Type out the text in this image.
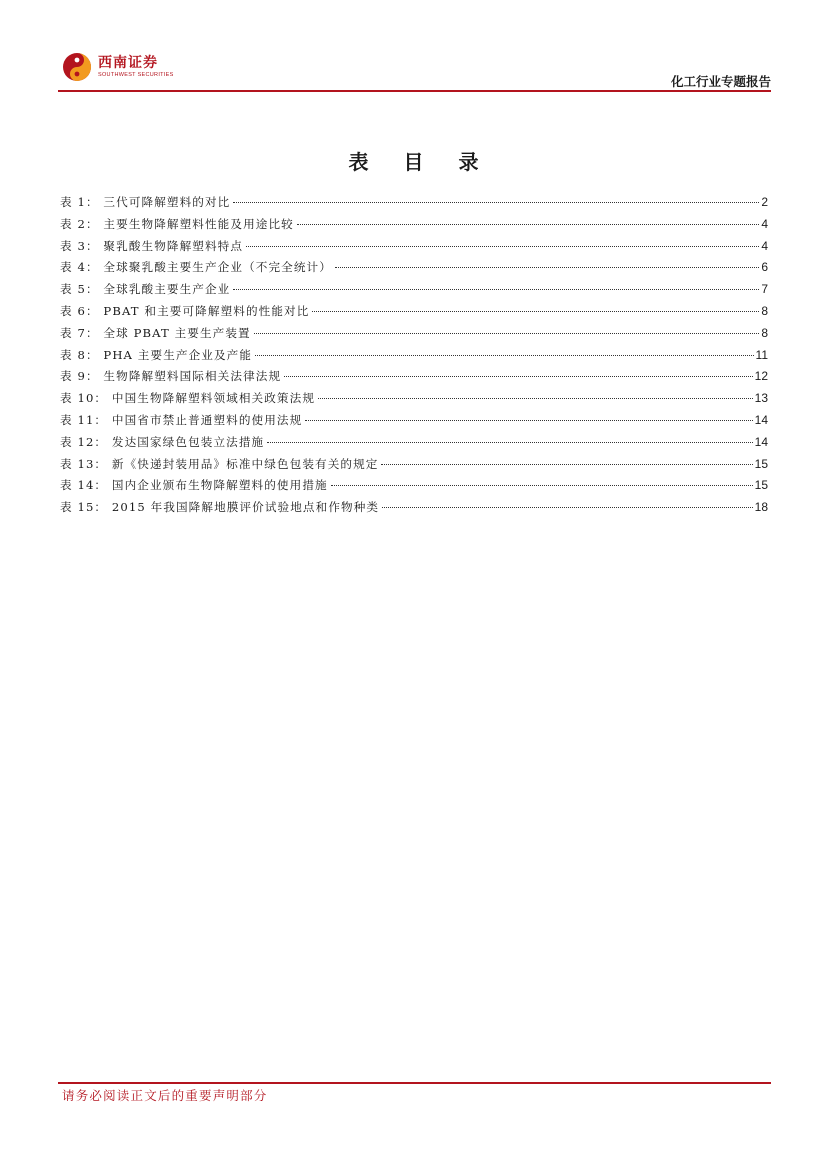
西南证券
SOUTHWEST SECURITIES	化工行业专题报告
表 目 录
表 1： 三代可降解塑料的对比	2
表 2： 主要生物降解塑料性能及用途比较	4
表 3： 聚乳酸生物降解塑料特点	4
表 4： 全球聚乳酸主要生产企业（不完全统计）	6
表 5： 全球乳酸主要生产企业	7
表 6： PBAT 和主要可降解塑料的性能对比	8
表 7： 全球 PBAT 主要生产装置	8
表 8： PHA 主要生产企业及产能	11
表 9： 生物降解塑料国际相关法律法规	12
表 10： 中国生物降解塑料领域相关政策法规	13
表 11： 中国省市禁止普通塑料的使用法规	14
表 12： 发达国家绿色包装立法措施	14
表 13： 新《快递封装用品》标准中绿色包装有关的规定	15
表 14： 国内企业颁布生物降解塑料的使用措施	15
表 15： 2015 年我国降解地膜评价试验地点和作物种类	18
请务必阅读正文后的重要声明部分
